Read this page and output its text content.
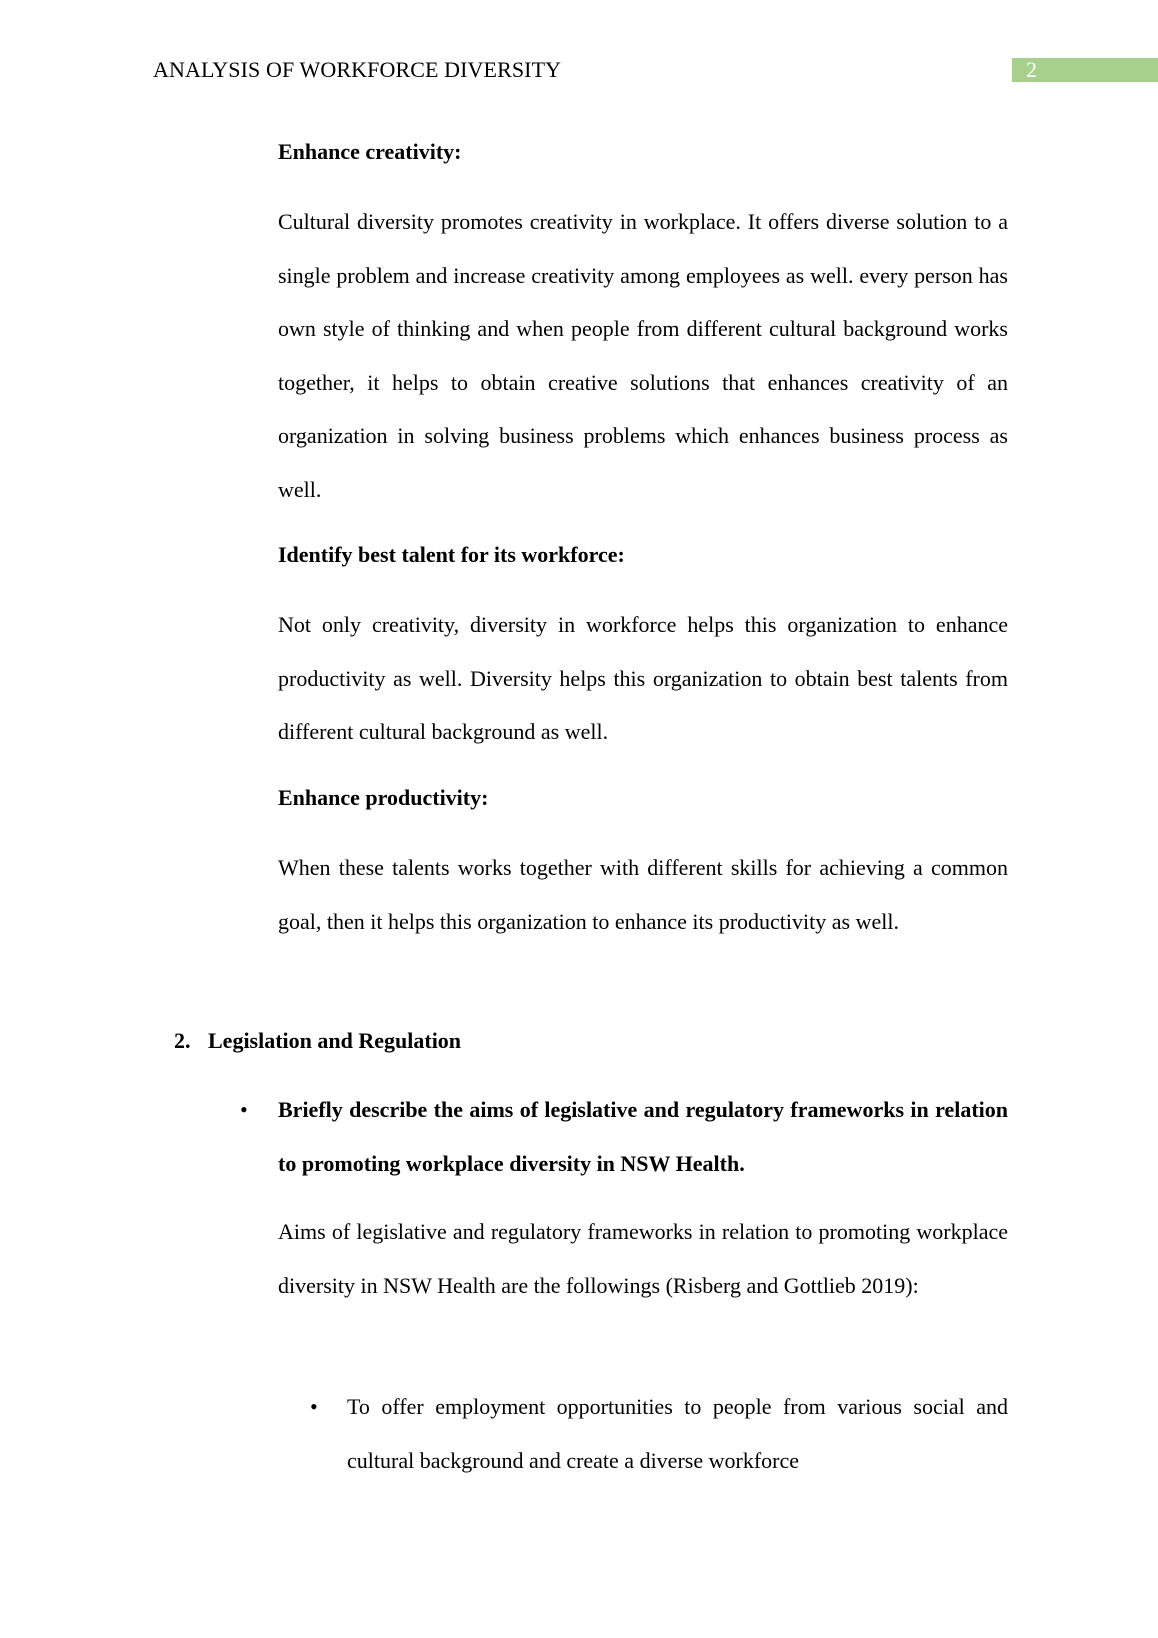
ANALYSIS OF WORKFORCE DIVERSITY	2
Enhance creativity:
Cultural diversity promotes creativity in workplace. It offers diverse solution to a single problem and increase creativity among employees as well. every person has own style of thinking and when people from different cultural background works together, it helps to obtain creative solutions that enhances creativity of an organization in solving business problems which enhances business process as well.
Identify best talent for its workforce:
Not only creativity, diversity in workforce helps this organization to enhance productivity as well. Diversity helps this organization to obtain best talents from different cultural background as well.
Enhance productivity:
When these talents works together with different skills for achieving a common goal, then it helps this organization to enhance its productivity as well.
2. Legislation and Regulation
• Briefly describe the aims of legislative and regulatory frameworks in relation to promoting workplace diversity in NSW Health.
Aims of legislative and regulatory frameworks in relation to promoting workplace diversity in NSW Health are the followings (Risberg and Gottlieb 2019):
• To offer employment opportunities to people from various social and cultural background and create a diverse workforce
